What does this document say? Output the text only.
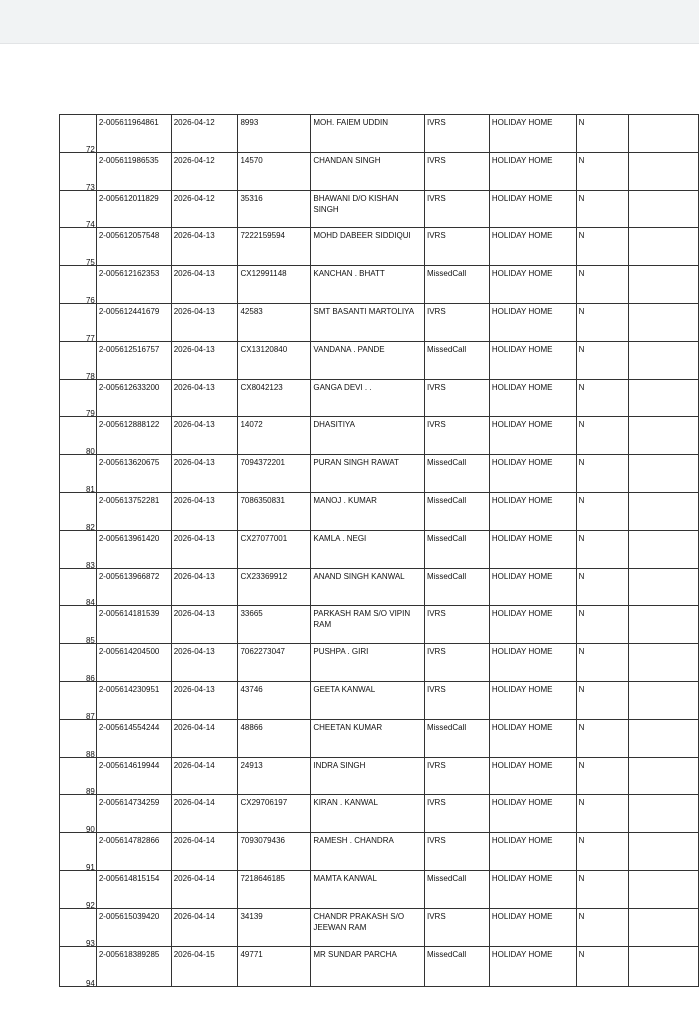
72	2-005611964861	2026-04-12	8993	MOH. FAIEM UDDIN	IVRS	HOLIDAY HOME	N	
73	2-005611986535	2026-04-12	14570	CHANDAN SINGH	IVRS	HOLIDAY HOME	N	
74	2-005612011829	2026-04-12	35316	BHAWANI D/O KISHAN SINGH	IVRS	HOLIDAY HOME	N	
75	2-005612057548	2026-04-13	7222159594	MOHD DABEER SIDDIQUI	IVRS	HOLIDAY HOME	N	
76	2-005612162353	2026-04-13	CX12991148	KANCHAN . BHATT	MissedCall	HOLIDAY HOME	N	
77	2-005612441679	2026-04-13	42583	SMT BASANTI MARTOLIYA	IVRS	HOLIDAY HOME	N	
78	2-005612516757	2026-04-13	CX13120840	VANDANA . PANDE	MissedCall	HOLIDAY HOME	N	
79	2-005612633200	2026-04-13	CX8042123	GANGA DEVI . .	IVRS	HOLIDAY HOME	N	
80	2-005612888122	2026-04-13	14072	DHASITIYA	IVRS	HOLIDAY HOME	N	
81	2-005613620675	2026-04-13	7094372201	PURAN SINGH RAWAT	MissedCall	HOLIDAY HOME	N	
82	2-005613752281	2026-04-13	7086350831	MANOJ . KUMAR	MissedCall	HOLIDAY HOME	N	
83	2-005613961420	2026-04-13	CX27077001	KAMLA . NEGI	MissedCall	HOLIDAY HOME	N	
84	2-005613966872	2026-04-13	CX23369912	ANAND SINGH KANWAL	MissedCall	HOLIDAY HOME	N	
85	2-005614181539	2026-04-13	33665	PARKASH RAM S/O VIPIN RAM	IVRS	HOLIDAY HOME	N	
86	2-005614204500	2026-04-13	7062273047	PUSHPA . GIRI	IVRS	HOLIDAY HOME	N	
87	2-005614230951	2026-04-13	43746	GEETA KANWAL	IVRS	HOLIDAY HOME	N	
88	2-005614554244	2026-04-14	48866	CHEETAN KUMAR	MissedCall	HOLIDAY HOME	N	
89	2-005614619944	2026-04-14	24913	INDRA SINGH	IVRS	HOLIDAY HOME	N	
90	2-005614734259	2026-04-14	CX29706197	KIRAN . KANWAL	IVRS	HOLIDAY HOME	N	
91	2-005614782866	2026-04-14	7093079436	RAMESH . CHANDRA	IVRS	HOLIDAY HOME	N	
92	2-005614815154	2026-04-14	7218646185	MAMTA KANWAL	MissedCall	HOLIDAY HOME	N	
93	2-005615039420	2026-04-14	34139	CHANDR PRAKASH S/O JEEWAN RAM	IVRS	HOLIDAY HOME	N	
94	2-005618389285	2026-04-15	49771	MR SUNDAR PARCHA	MissedCall	HOLIDAY HOME	N	
